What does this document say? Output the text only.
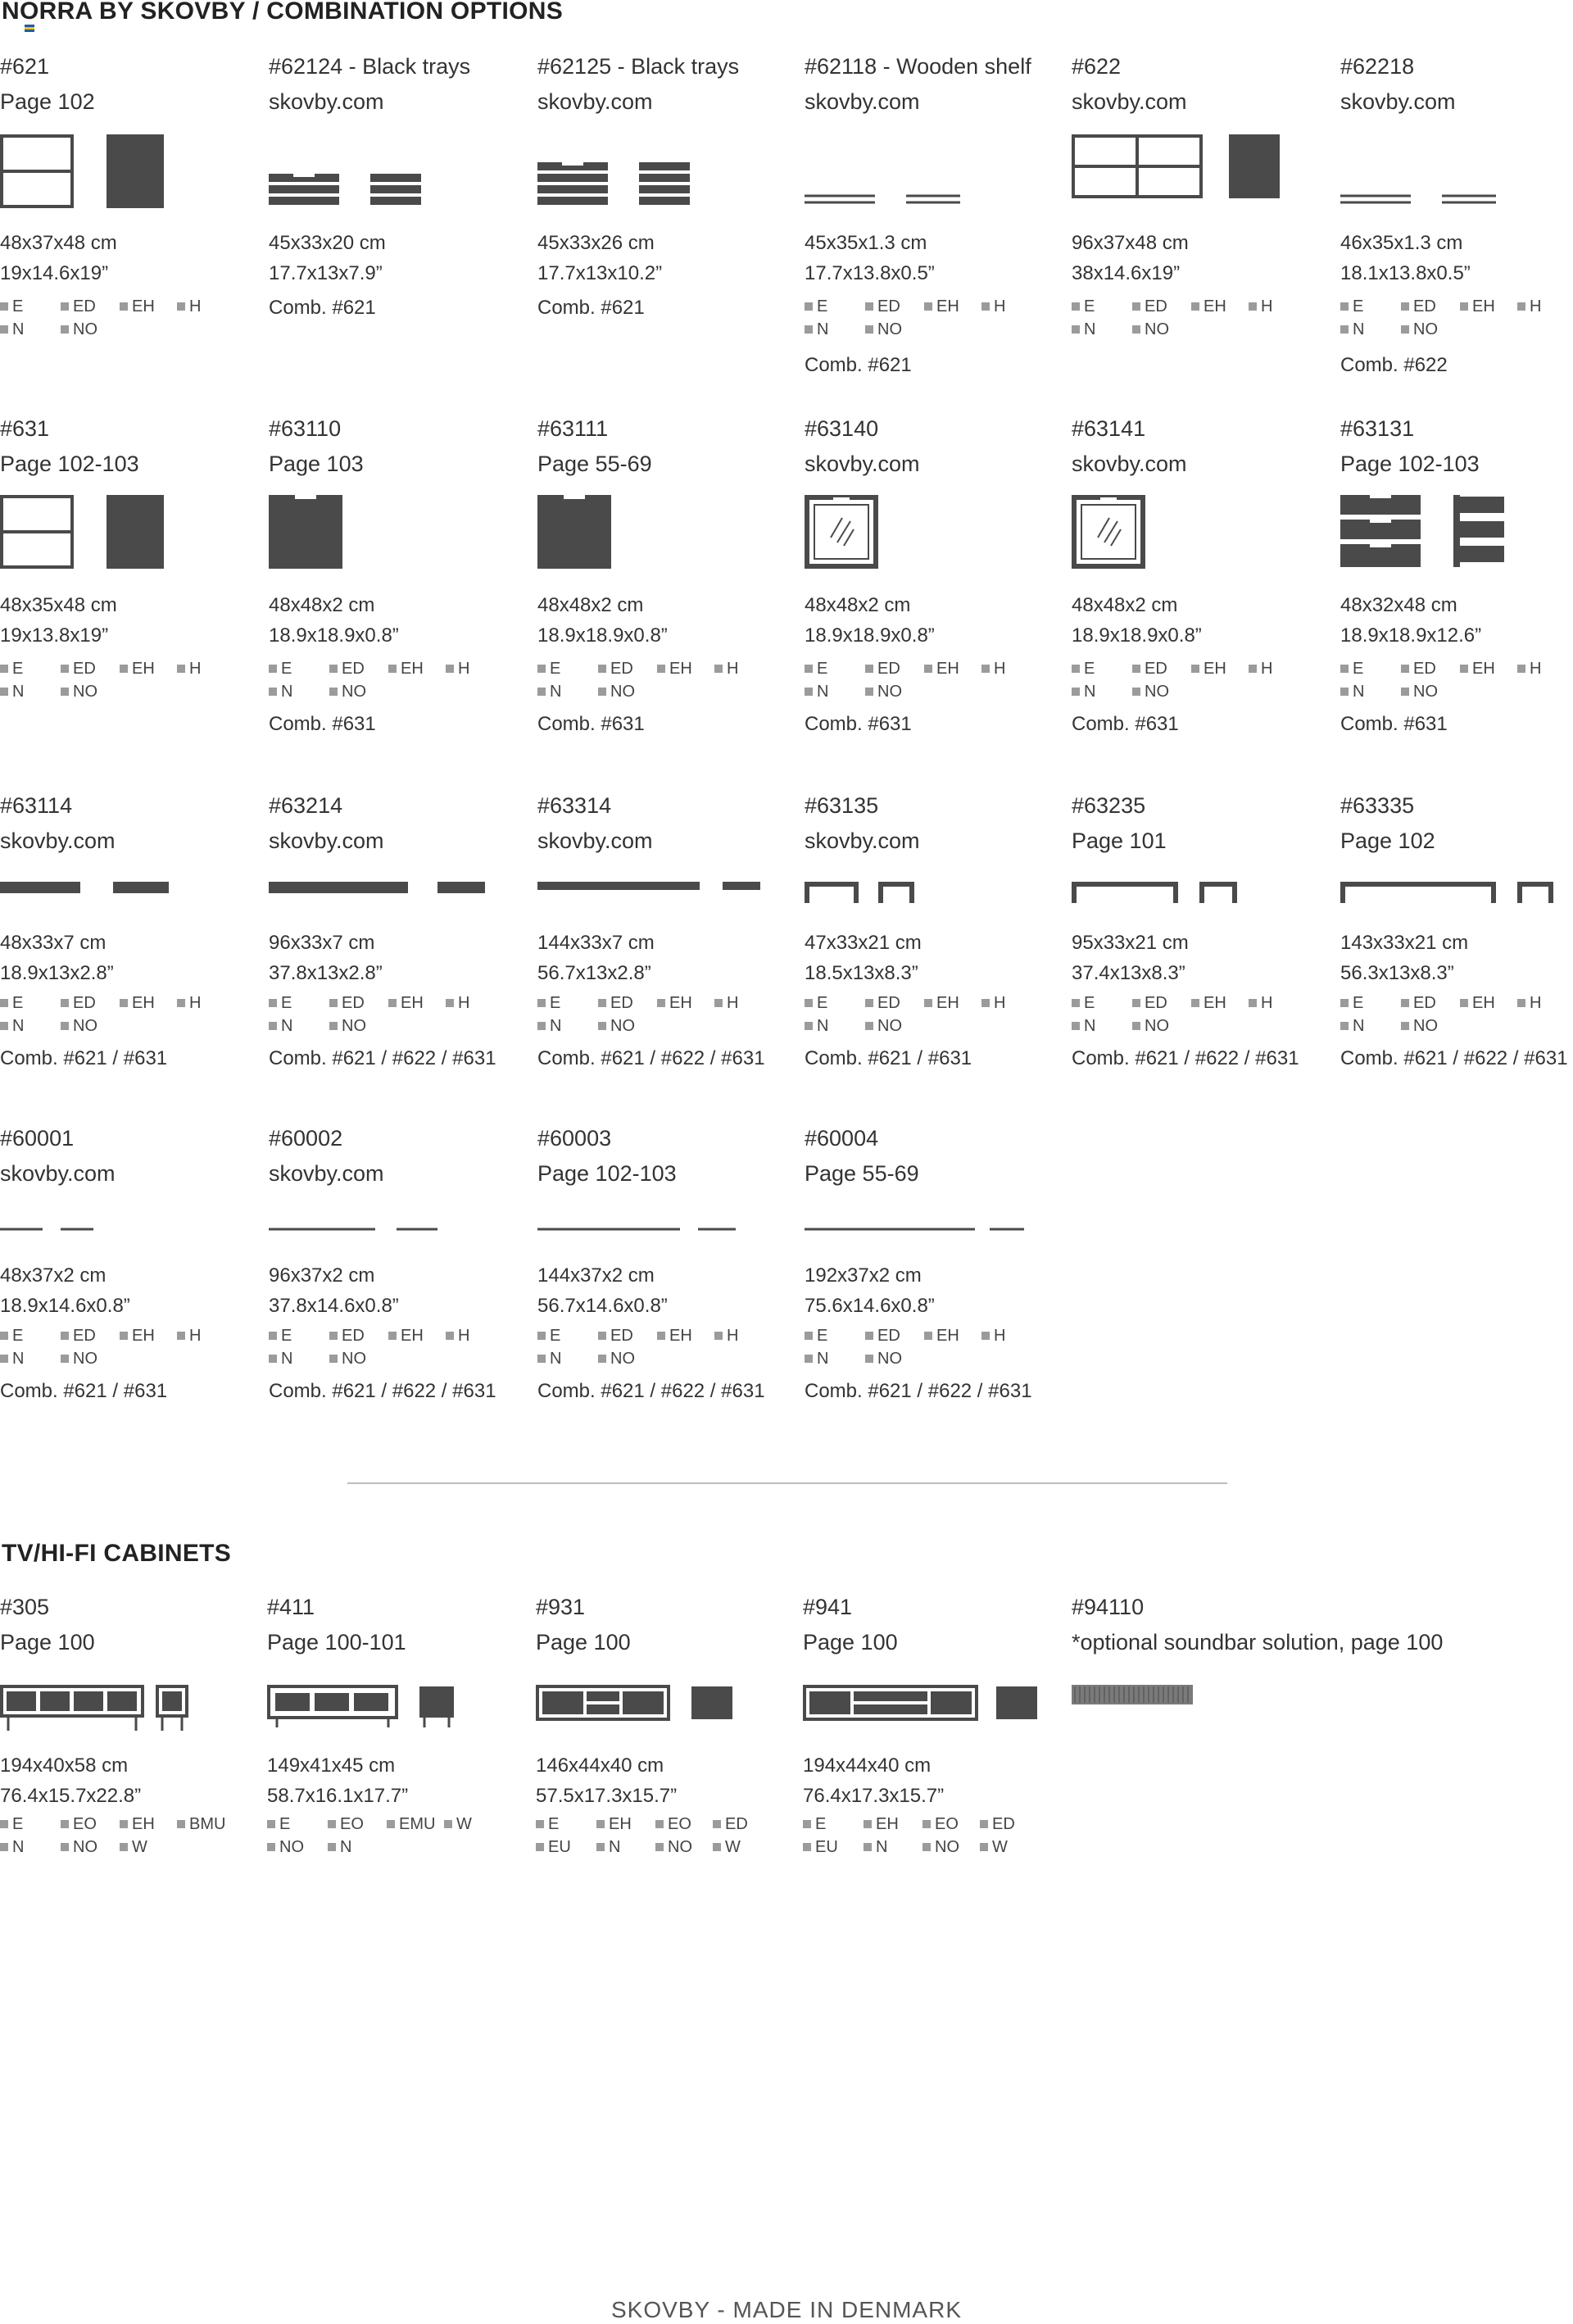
NORRA BY SKOVBY / COMBINATION OPTIONS
#621
Page 102
48x37x48 cm
19x14.6x19”
E	ED	EH	H
N	NO
#62124 - Black trays
skovby.com
45x33x20 cm
17.7x13x7.9”
Comb. #621
#62125 - Black trays
skovby.com
45x33x26 cm
17.7x13x10.2”
Comb. #621
#62118 - Wooden shelf
skovby.com
45x35x1.3 cm
17.7x13.8x0.5”
E	ED	EH	H
N	NO
Comb. #621
#622
skovby.com
96x37x48 cm
38x14.6x19”
E	ED	EH	H
N	NO
#62218
skovby.com
46x35x1.3 cm
18.1x13.8x0.5”
E	ED	EH	H
N	NO
Comb. #622
#631
Page 102-103
48x35x48 cm
19x13.8x19”
E	ED	EH	H
N	NO
#63110
Page 103
48x48x2 cm
18.9x18.9x0.8”
E	ED	EH	H
N	NO
Comb. #631
#63111
Page 55-69
48x48x2 cm
18.9x18.9x0.8”
E	ED	EH	H
N	NO
Comb. #631
#63140
skovby.com
48x48x2 cm
18.9x18.9x0.8”
E	ED	EH	H
N	NO
Comb. #631
#63141
skovby.com
48x48x2 cm
18.9x18.9x0.8”
E	ED	EH	H
N	NO
Comb. #631
#63131
Page 102-103
48x32x48 cm
18.9x18.9x12.6”
E	ED	EH	H
N	NO
Comb. #631
#63114
skovby.com
48x33x7 cm
18.9x13x2.8”
E	ED	EH	H
N	NO
Comb. #621 / #631
#63214
skovby.com
96x33x7 cm
37.8x13x2.8”
E	ED	EH	H
N	NO
Comb. #621 / #622 / #631
#63314
skovby.com
144x33x7 cm
56.7x13x2.8”
E	ED	EH	H
N	NO
Comb. #621 / #622 / #631
#63135
skovby.com
47x33x21 cm
18.5x13x8.3”
E	ED	EH	H
N	NO
Comb. #621 / #631
#63235
Page 101
95x33x21 cm
37.4x13x8.3”
E	ED	EH	H
N	NO
Comb. #621 / #622 / #631
#63335
Page 102
143x33x21 cm
56.3x13x8.3”
E	ED	EH	H
N	NO
Comb. #621 / #622 / #631
#60001
skovby.com
48x37x2 cm
18.9x14.6x0.8”
E	ED	EH	H
N	NO
Comb. #621 / #631
#60002
skovby.com
96x37x2 cm
37.8x14.6x0.8”
E	ED	EH	H
N	NO
Comb. #621 / #622 / #631
#60003
Page 102-103
144x37x2 cm
56.7x14.6x0.8”
E	ED	EH	H
N	NO
Comb. #621 / #622 / #631
#60004
Page 55-69
192x37x2 cm
75.6x14.6x0.8”
E	ED	EH	H
N	NO
Comb. #621 / #622 / #631
TV/HI-FI CABINETS
#305
Page 100
194x40x58 cm
76.4x15.7x22.8”
E	EO	EH	BMU
N	NO	W
#411
Page 100-101
149x41x45 cm
58.7x16.1x17.7”
E	EO	EMU	W
NO	N
#931
Page 100
146x44x40 cm
57.5x17.3x15.7”
E	EH	EO	ED
EU	N	NO	W
#941
Page 100
194x44x40 cm
76.4x17.3x15.7”
E	EH	EO	ED
EU	N	NO	W
#94110
*optional soundbar solution, page 100
SKOVBY - MADE IN DENMARK
